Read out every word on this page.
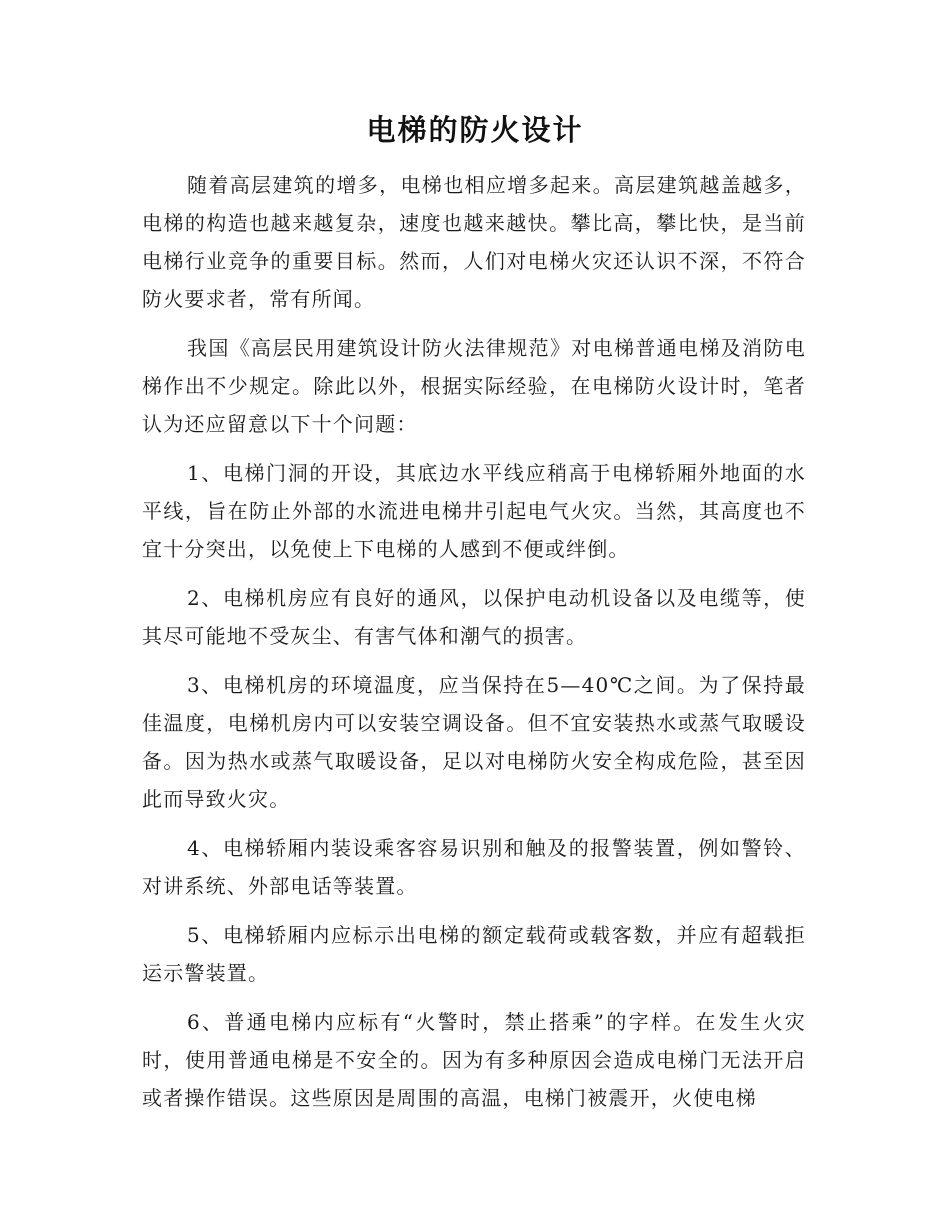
电梯的防火设计

随着高层建筑的增多，电梯也相应增多起来。高层建筑越盖越多，电梯的构造也越来越复杂，速度也越来越快。攀比高，攀比快，是当前电梯行业竞争的重要目标。然而，人们对电梯火灾还认识不深，不符合防火要求者，常有所闻。

我国《高层民用建筑设计防火法律规范》对电梯普通电梯及消防电梯作出不少规定。除此以外，根据实际经验，在电梯防火设计时，笔者认为还应留意以下十个问题：

1、电梯门洞的开设，其底边水平线应稍高于电梯轿厢外地面的水平线，旨在防止外部的水流进电梯井引起电气火灾。当然，其高度也不宜十分突出，以免使上下电梯的人感到不便或绊倒。

2、电梯机房应有良好的通风，以保护电动机设备以及电缆等，使其尽可能地不受灰尘、有害气体和潮气的损害。

3、电梯机房的环境温度，应当保持在5—40℃之间。为了保持最佳温度，电梯机房内可以安装空调设备。但不宜安装热水或蒸气取暖设备。因为热水或蒸气取暖设备，足以对电梯防火安全构成危险，甚至因此而导致火灾。

4、电梯轿厢内装设乘客容易识别和触及的报警装置，例如警铃、对讲系统、外部电话等装置。

5、电梯轿厢内应标示出电梯的额定载荷或载客数，并应有超载拒运示警装置。

6、普通电梯内应标有“火警时，禁止搭乘”的字样。在发生火灾时，使用普通电梯是不安全的。因为有多种原因会造成电梯门无法开启或者操作错误。这些原因是周围的高温，电梯门被震开，火使电梯
